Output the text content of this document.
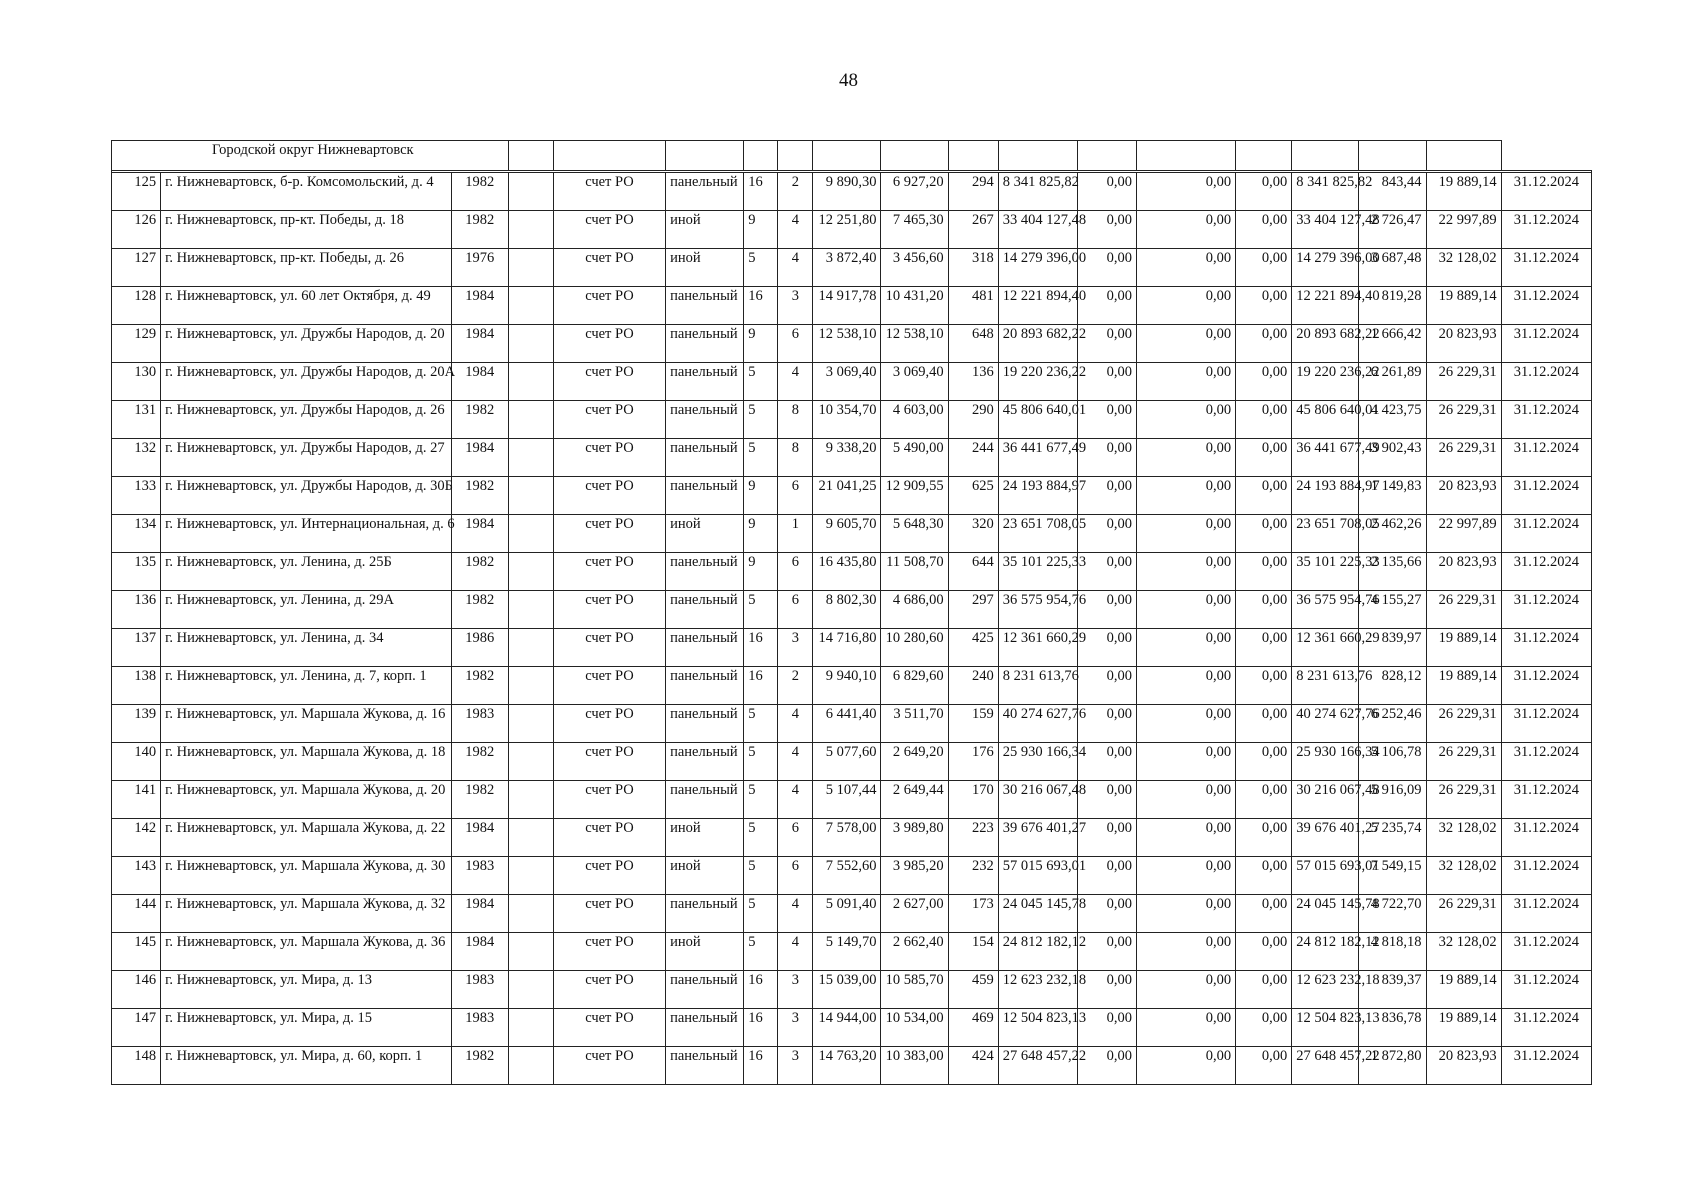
48
Городской округ Нижневартовск																		

125	г. Нижневартовск, б-р. Комсомольский, д. 4	1982		счет РО	панельный	16	2	9 890,30	6 927,20	294	8 341 825,82	0,00	0,00	0,00	8 341 825,82	843,44	19 889,14	31.12.2024
126	г. Нижневартовск, пр-кт. Победы, д. 18	1982		счет РО	иной	9	4	12 251,80	7 465,30	267	33 404 127,48	0,00	0,00	0,00	33 404 127,48	2 726,47	22 997,89	31.12.2024
127	г. Нижневартовск, пр-кт. Победы, д. 26	1976		счет РО	иной	5	4	3 872,40	3 456,60	318	14 279 396,00	0,00	0,00	0,00	14 279 396,00	3 687,48	32 128,02	31.12.2024
128	г. Нижневартовск, ул. 60 лет Октября, д. 49	1984		счет РО	панельный	16	3	14 917,78	10 431,20	481	12 221 894,40	0,00	0,00	0,00	12 221 894,40	819,28	19 889,14	31.12.2024
129	г. Нижневартовск, ул. Дружбы Народов, д. 20	1984		счет РО	панельный	9	6	12 538,10	12 538,10	648	20 893 682,22	0,00	0,00	0,00	20 893 682,22	1 666,42	20 823,93	31.12.2024
130	г. Нижневартовск, ул. Дружбы Народов, д. 20А	1984		счет РО	панельный	5	4	3 069,40	3 069,40	136	19 220 236,22	0,00	0,00	0,00	19 220 236,22	6 261,89	26 229,31	31.12.2024
131	г. Нижневартовск, ул. Дружбы Народов, д. 26	1982		счет РО	панельный	5	8	10 354,70	4 603,00	290	45 806 640,01	0,00	0,00	0,00	45 806 640,01	4 423,75	26 229,31	31.12.2024
132	г. Нижневартовск, ул. Дружбы Народов, д. 27	1984		счет РО	панельный	5	8	9 338,20	5 490,00	244	36 441 677,49	0,00	0,00	0,00	36 441 677,49	3 902,43	26 229,31	31.12.2024
133	г. Нижневартовск, ул. Дружбы Народов, д. 30Б	1982		счет РО	панельный	9	6	21 041,25	12 909,55	625	24 193 884,97	0,00	0,00	0,00	24 193 884,97	1 149,83	20 823,93	31.12.2024
134	г. Нижневартовск, ул. Интернациональная, д. 6	1984		счет РО	иной	9	1	9 605,70	5 648,30	320	23 651 708,05	0,00	0,00	0,00	23 651 708,05	2 462,26	22 997,89	31.12.2024
135	г. Нижневартовск, ул. Ленина, д. 25Б	1982		счет РО	панельный	9	6	16 435,80	11 508,70	644	35 101 225,33	0,00	0,00	0,00	35 101 225,33	2 135,66	20 823,93	31.12.2024
136	г. Нижневартовск, ул. Ленина, д. 29А	1982		счет РО	панельный	5	6	8 802,30	4 686,00	297	36 575 954,76	0,00	0,00	0,00	36 575 954,76	4 155,27	26 229,31	31.12.2024
137	г. Нижневартовск, ул. Ленина, д. 34	1986		счет РО	панельный	16	3	14 716,80	10 280,60	425	12 361 660,29	0,00	0,00	0,00	12 361 660,29	839,97	19 889,14	31.12.2024
138	г. Нижневартовск, ул. Ленина, д. 7, корп. 1	1982		счет РО	панельный	16	2	9 940,10	6 829,60	240	8 231 613,76	0,00	0,00	0,00	8 231 613,76	828,12	19 889,14	31.12.2024
139	г. Нижневартовск, ул. Маршала Жукова, д. 16	1983		счет РО	панельный	5	4	6 441,40	3 511,70	159	40 274 627,76	0,00	0,00	0,00	40 274 627,76	6 252,46	26 229,31	31.12.2024
140	г. Нижневартовск, ул. Маршала Жукова, д. 18	1982		счет РО	панельный	5	4	5 077,60	2 649,20	176	25 930 166,34	0,00	0,00	0,00	25 930 166,34	5 106,78	26 229,31	31.12.2024
141	г. Нижневартовск, ул. Маршала Жукова, д. 20	1982		счет РО	панельный	5	4	5 107,44	2 649,44	170	30 216 067,48	0,00	0,00	0,00	30 216 067,48	5 916,09	26 229,31	31.12.2024
142	г. Нижневартовск, ул. Маршала Жукова, д. 22	1984		счет РО	иной	5	6	7 578,00	3 989,80	223	39 676 401,27	0,00	0,00	0,00	39 676 401,27	5 235,74	32 128,02	31.12.2024
143	г. Нижневартовск, ул. Маршала Жукова, д. 30	1983		счет РО	иной	5	6	7 552,60	3 985,20	232	57 015 693,01	0,00	0,00	0,00	57 015 693,01	7 549,15	32 128,02	31.12.2024
144	г. Нижневартовск, ул. Маршала Жукова, д. 32	1984		счет РО	панельный	5	4	5 091,40	2 627,00	173	24 045 145,78	0,00	0,00	0,00	24 045 145,78	4 722,70	26 229,31	31.12.2024
145	г. Нижневартовск, ул. Маршала Жукова, д. 36	1984		счет РО	иной	5	4	5 149,70	2 662,40	154	24 812 182,12	0,00	0,00	0,00	24 812 182,12	4 818,18	32 128,02	31.12.2024
146	г. Нижневартовск, ул. Мира, д. 13	1983		счет РО	панельный	16	3	15 039,00	10 585,70	459	12 623 232,18	0,00	0,00	0,00	12 623 232,18	839,37	19 889,14	31.12.2024
147	г. Нижневартовск, ул. Мира, д. 15	1983		счет РО	панельный	16	3	14 944,00	10 534,00	469	12 504 823,13	0,00	0,00	0,00	12 504 823,13	836,78	19 889,14	31.12.2024
148	г. Нижневартовск, ул. Мира, д. 60, корп. 1	1982		счет РО	панельный	16	3	14 763,20	10 383,00	424	27 648 457,22	0,00	0,00	0,00	27 648 457,22	1 872,80	20 823,93	31.12.2024
